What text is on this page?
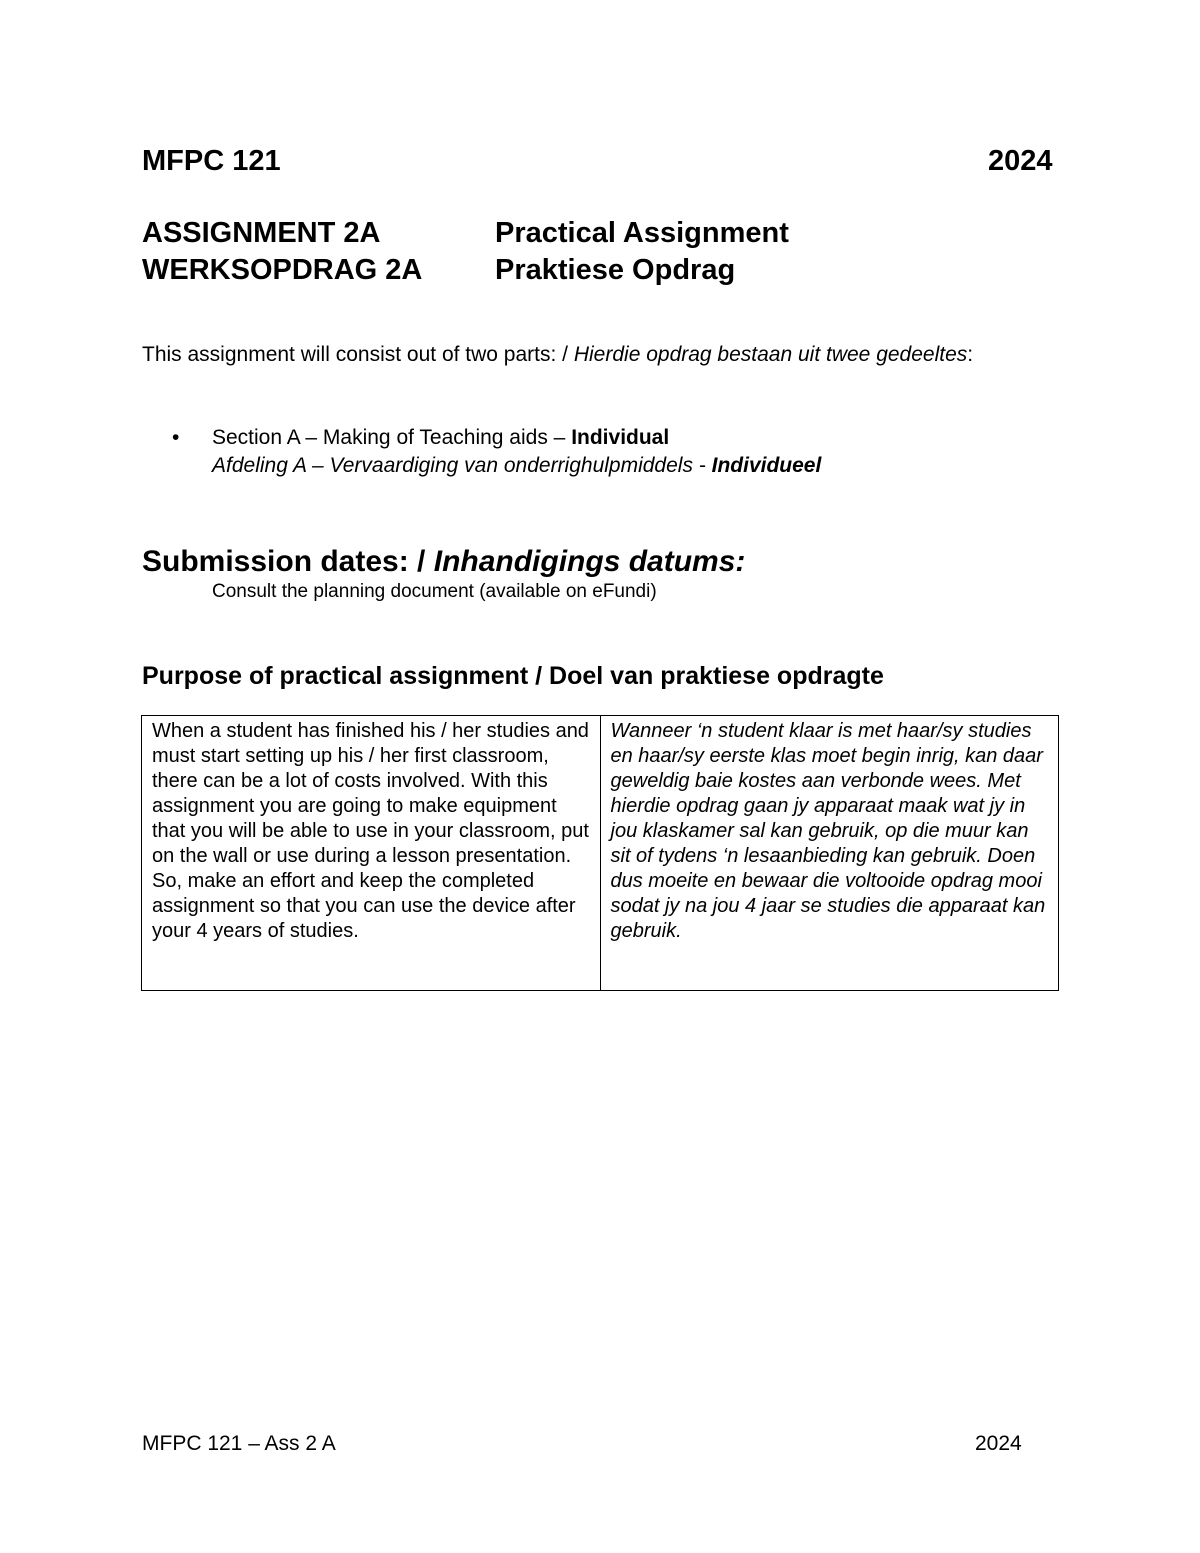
MFPC 121	2024
ASSIGNMENT 2A	Practical Assignment
WERKSOPDRAG 2A	Praktiese Opdrag
This assignment will consist out of two parts: / Hierdie opdrag bestaan uit twee gedeeltes:
• Section A – Making of Teaching aids – Individual
Afdeling A – Vervaardiging van onderrighulpmiddels - Individueel
Submission dates: / Inhandigings datums:
Consult the planning document (available on eFundi)
Purpose of practical assignment / Doel van praktiese opdragte
When a student has finished his / her studies and must start setting up his / her first classroom, there can be a lot of costs involved. With this assignment you are going to make equipment that you will be able to use in your classroom, put on the wall or use during a lesson presentation. So, make an effort and keep the completed assignment so that you can use the device after your 4 years of studies.	Wanneer ‘n student klaar is met haar/sy studies en haar/sy eerste klas moet begin inrig, kan daar geweldig baie kostes aan verbonde wees. Met hierdie opdrag gaan jy apparaat maak wat jy in jou klaskamer sal kan gebruik, op die muur kan sit of tydens ‘n lesaanbieding kan gebruik. Doen dus moeite en bewaar die voltooide opdrag mooi sodat jy na jou 4 jaar se studies die apparaat kan gebruik.
MFPC 121 – Ass 2 A	2024
